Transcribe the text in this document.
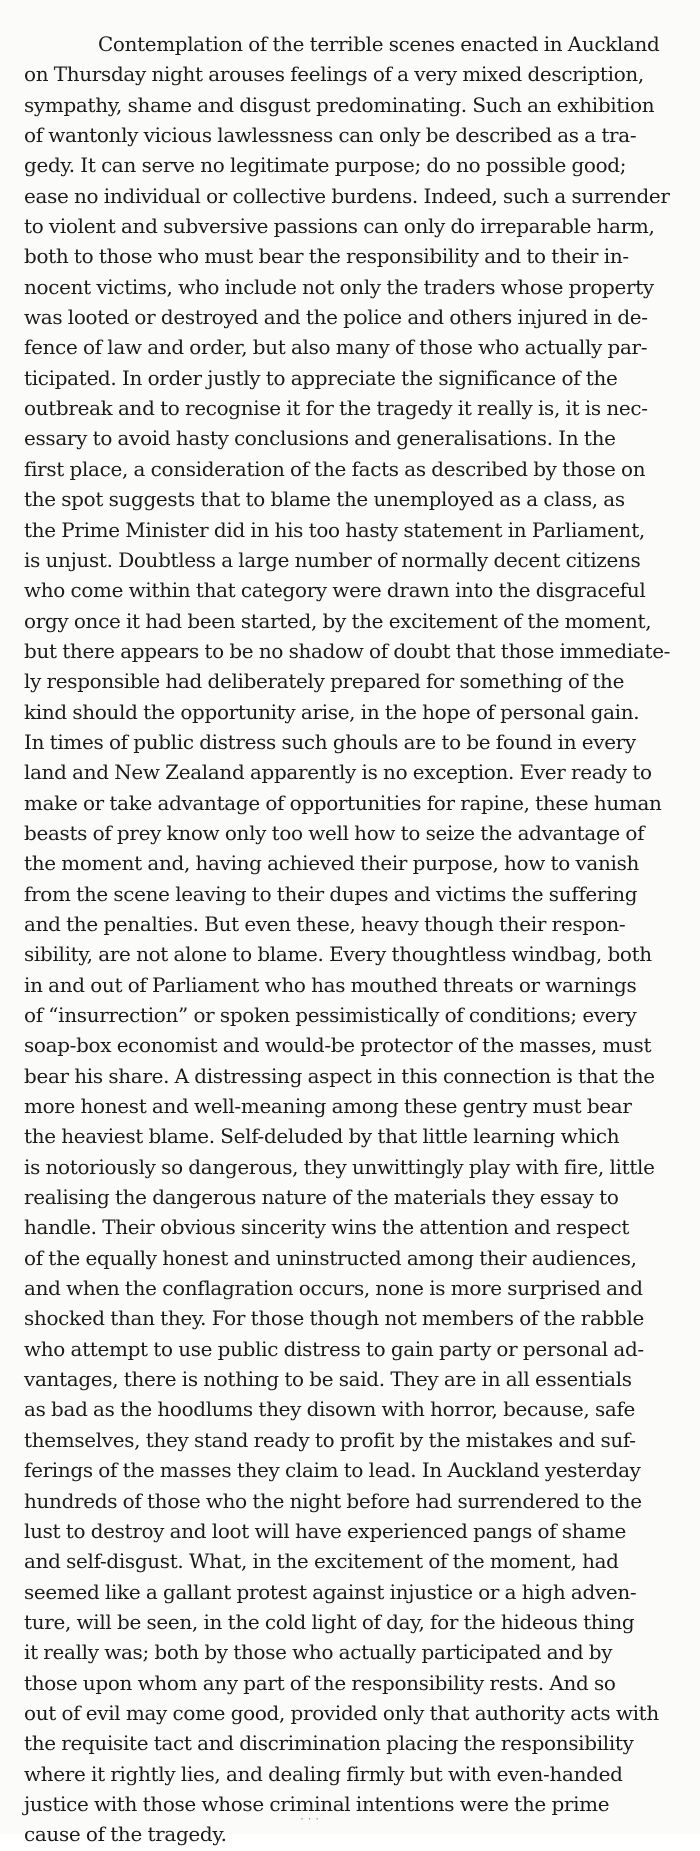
Contemplation of the terrible scenes enacted in Auckland
on Thursday night arouses feelings of a very mixed description,
sympathy, shame and disgust predominating. Such an exhibition
of wantonly vicious lawlessness can only be described as a tra-
gedy. It can serve no legitimate purpose; do no possible good;
ease no individual or collective burdens. Indeed, such a surrender
to violent and subversive passions can only do irreparable harm,
both to those who must bear the responsibility and to their in-
nocent victims, who include not only the traders whose property
was looted or destroyed and the police and others injured in de-
fence of law and order, but also many of those who actually par-
ticipated. In order justly to appreciate the significance of the
outbreak and to recognise it for the tragedy it really is, it is nec-
essary to avoid hasty conclusions and generalisations. In the
first place, a consideration of the facts as described by those on
the spot suggests that to blame the unemployed as a class, as
the Prime Minister did in his too hasty statement in Parliament,
is unjust. Doubtless a large number of normally decent citizens
who come within that category were drawn into the disgraceful
orgy once it had been started, by the excitement of the moment,
but there appears to be no shadow of doubt that those immediate-
ly responsible had deliberately prepared for something of the
kind should the opportunity arise, in the hope of personal gain.
In times of public distress such ghouls are to be found in every
land and New Zealand apparently is no exception. Ever ready to
make or take advantage of opportunities for rapine, these human
beasts of prey know only too well how to seize the advantage of
the moment and, having achieved their purpose, how to vanish
from the scene leaving to their dupes and victims the suffering
and the penalties. But even these, heavy though their respon-
sibility, are not alone to blame. Every thoughtless windbag, both
in and out of Parliament who has mouthed threats or warnings
of “insurrection” or spoken pessimistically of conditions; every
soap-box economist and would-be protector of the masses, must
bear his share. A distressing aspect in this connection is that the
more honest and well-meaning among these gentry must bear
the heaviest blame. Self-deluded by that little learning which
is notoriously so dangerous, they unwittingly play with fire, little
realising the dangerous nature of the materials they essay to
handle. Their obvious sincerity wins the attention and respect
of the equally honest and uninstructed among their audiences,
and when the conflagration occurs, none is more surprised and
shocked than they. For those though not members of the rabble
who attempt to use public distress to gain party or personal ad-
vantages, there is nothing to be said. They are in all essentials
as bad as the hoodlums they disown with horror, because, safe
themselves, they stand ready to profit by the mistakes and suf-
ferings of the masses they claim to lead. In Auckland yesterday
hundreds of those who the night before had surrendered to the
lust to destroy and loot will have experienced pangs of shame
and self-disgust. What, in the excitement of the moment, had
seemed like a gallant protest against injustice or a high adven-
ture, will be seen, in the cold light of day, for the hideous thing
it really was; both by those who actually participated and by
those upon whom any part of the responsibility rests. And so
out of evil may come good, provided only that authority acts with
the requisite tact and discrimination placing the responsibility
where it rightly lies, and dealing firmly but with even-handed
justice with those whose criminal intentions were the prime
cause of the tragedy.
· · ·
